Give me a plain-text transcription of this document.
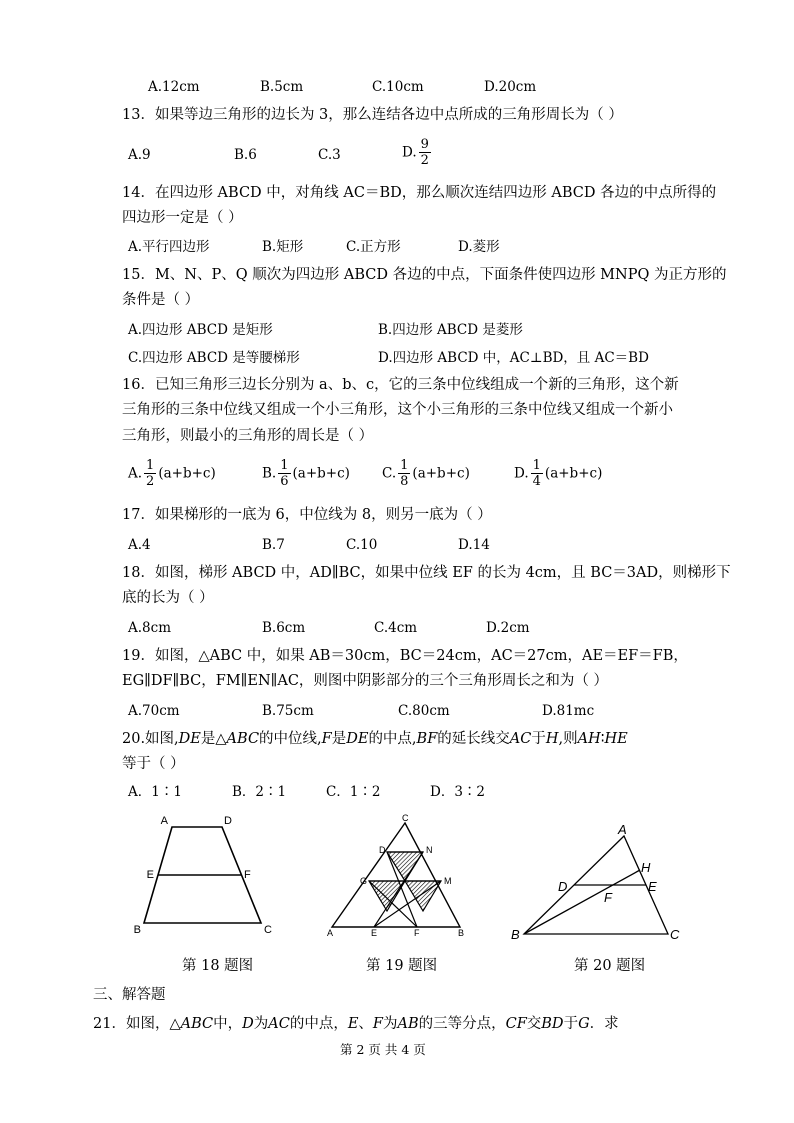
A.12cm	B.5cm	C.10cm	D.20cm
13．如果等边三角形的边长为 3，那么连结各边中点所成的三角形周长为（ ）
A.9	B.6	C.3	D. $\frac{9}{2}$
14．在四边形 ABCD 中，对角线 AC＝BD，那么顺次连结四边形 ABCD 各边的中点所得的
四边形一定是（ ）
A.平行四边形	B.矩形	C.正方形	D.菱形
15．M、N、P、Q 顺次为四边形 ABCD 各边的中点，下面条件使四边形 MNPQ 为正方形的
条件是（ ）
A.四边形 ABCD 是矩形	B.四边形 ABCD 是菱形
C.四边形 ABCD 是等腰梯形	D.四边形 ABCD 中，AC⊥BD，且 AC＝BD
16．已知三角形三边长分别为 a、b、c，它的三条中位线组成一个新的三角形，这个新
三角形的三条中位线又组成一个小三角形，这个小三角形的三条中位线又组成一个新小
三角形，则最小的三角形的周长是（ ）
A. $\frac{1}{2} (a+b+c)$	B. $\frac{1}{6} (a+b+c)$ C. $\frac{1}{8} (a+b+c)$	D. $\frac{1}{4} (a+b+c)$
17．如果梯形的一底为 6，中位线为 8，则另一底为（ ）
A.4	B.7	C.10	D.14
18．如图，梯形 ABCD 中，AD∥BC，如果中位线 EF 的长为 4cm，且 BC＝3AD，则梯形下
底的长为（ ）
A.8cm	B.6cm	C.4cm	D.2cm
19．如图，△ABC 中，如果 AB＝30cm，BC＝24cm，AC＝27cm，AE＝EF＝FB，
EG∥DF∥BC，FM∥EN∥AC，则图中阴影部分的三个三角形周长之和为（ ）
A.70cm	B.75cm	C.80cm	D.81mc
20.如图,DE是△ABC的中位线,F是DE的中点,BF的延长线交AC于H,则AH∶HE
等于（ ）
A．1∶1	B．2∶1	C．1∶2	D．3∶2
A	D
E	F
B	C
第 18 题图
C
D	N
G	M
A	E	F	B
第 19 题图
A
H
D	E
F
B	C
第 20 题图
三、解答题
21．如图，△ABC中，D为AC的中点，E、F为AB的三等分点，CF交BD于G．求
第 2 页 共 4 页
